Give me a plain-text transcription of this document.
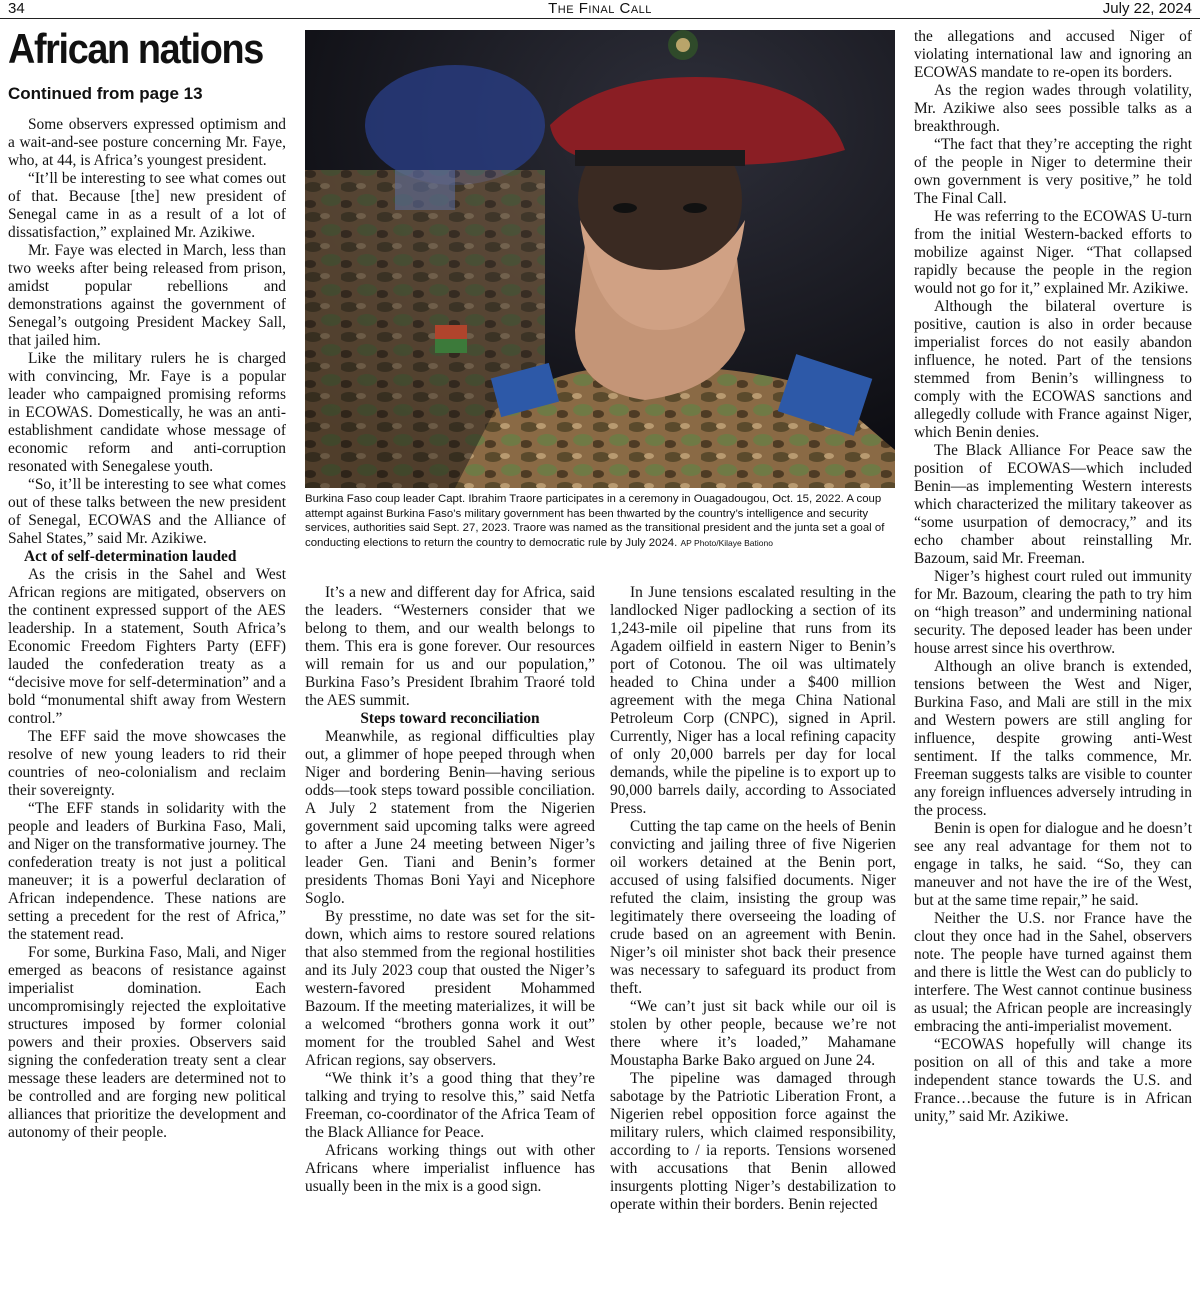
34	The Final Call	July 22, 2024
African nations
Continued from page 13

Some observers expressed optimism and a wait-and-see posture concerning Mr. Faye, who, at 44, is Africa’s youngest president.

“It’ll be interesting to see what comes out of that. Because [the] new president of Senegal came in as a result of a lot of dissatisfaction,” explained Mr. Azikiwe.

Mr. Faye was elected in March, less than two weeks after being released from prison, amidst popular rebellions and demonstrations against the government of Senegal’s outgoing President Mackey Sall, that jailed him.

Like the military rulers he is charged with convincing, Mr. Faye is a popular leader who campaigned promising reforms in ECOWAS. Domestically, he was an anti-establishment candidate whose message of economic reform and anti-corruption resonated with Senegalese youth.

“So, it’ll be interesting to see what comes out of these talks between the new president of Senegal, ECOWAS and the Alliance of Sahel States,” said Mr. Azikiwe.

Act of self-determination lauded

As the crisis in the Sahel and West African regions are mitigated, observers on the continent expressed support of the AES leadership. In a statement, South Africa’s Economic Freedom Fighters Party (EFF) lauded the confederation treaty as a “decisive move for self-determination” and a bold “monumental shift away from Western control.”

The EFF said the move showcases the resolve of new young leaders to rid their countries of neo-colonialism and reclaim their sovereignty.

“The EFF stands in solidarity with the people and leaders of Burkina Faso, Mali, and Niger on the transformative journey. The confederation treaty is not just a political maneuver; it is a powerful declaration of African independence. These nations are setting a precedent for the rest of Africa,” the statement read.

For some, Burkina Faso, Mali, and Niger emerged as beacons of resistance against imperialist domination. Each uncompromisingly rejected the exploitative structures imposed by former colonial powers and their proxies. Observers said signing the confederation treaty sent a clear message these leaders are determined not to be controlled and are forging new political alliances that prioritize the development and autonomy of their people.

Burkina Faso coup leader Capt. Ibrahim Traore participates in a ceremony in Ouagadougou, Oct. 15, 2022. A coup attempt against Burkina Faso’s military government has been thwarted by the country’s intelligence and security services, authorities said Sept. 27, 2023. Traore was named as the transitional president and the junta set a goal of conducting elections to return the country to democratic rule by July 2024. AP Photo/Kilaye Bationo

It’s a new and different day for Africa, said the leaders. “Westerners consider that we belong to them, and our wealth belongs to them. This era is gone forever. Our resources will remain for us and our population,” Burkina Faso’s President Ibrahim Traoré told the AES summit.

Steps toward reconciliation

Meanwhile, as regional difficulties play out, a glimmer of hope peeped through when Niger and bordering Benin—having serious odds—took steps toward possible conciliation. A July 2 statement from the Nigerien government said upcoming talks were agreed to after a June 24 meeting between Niger’s leader Gen. Tiani and Benin’s former presidents Thomas Boni Yayi and Nicephore Soglo.

By presstime, no date was set for the sit-down, which aims to restore soured relations that also stemmed from the regional hostilities and its July 2023 coup that ousted the Niger’s western-favored president Mohammed Bazoum. If the meeting materializes, it will be a welcomed “brothers gonna work it out” moment for the troubled Sahel and West African regions, say observers.

“We think it’s a good thing that they’re talking and trying to resolve this,” said Netfa Freeman, co-coordinator of the Africa Team of the Black Alliance for Peace.

Africans working things out with other Africans where imperialist influence has usually been in the mix is a good sign.

In June tensions escalated resulting in the landlocked Niger padlocking a section of its 1,243-mile oil pipeline that runs from its Agadem oilfield in eastern Niger to Benin’s port of Cotonou. The oil was ultimately headed to China under a $400 million agreement with the mega China National Petroleum Corp (CNPC), signed in April. Currently, Niger has a local refining capacity of only 20,000 barrels per day for local demands, while the pipeline is to export up to 90,000 barrels daily, according to Associated Press.

Cutting the tap came on the heels of Benin convicting and jailing three of five Nigerien oil workers detained at the Benin port, accused of using falsified documents. Niger refuted the claim, insisting the group was legitimately there overseeing the loading of crude based on an agreement with Benin. Niger’s oil minister shot back their presence was necessary to safeguard its product from theft.

“We can’t just sit back while our oil is stolen by other people, because we’re not there where it’s loaded,” Mahamane Moustapha Barke Bako argued on June 24.

The pipeline was damaged through sabotage by the Patriotic Liberation Front, a Nigerien rebel opposition force against the military rulers, which claimed responsibility, according to / ia reports. Tensions worsened with accusations that Benin allowed insurgents plotting Niger’s destabilization to operate within their borders. Benin rejected

the allegations and accused Niger of violating international law and ignoring an ECOWAS mandate to re-open its borders.

As the region wades through volatility, Mr. Azikiwe also sees possible talks as a breakthrough.

“The fact that they’re accepting the right of the people in Niger to determine their own government is very positive,” he told The Final Call.

He was referring to the ECOWAS U-turn from the initial Western-backed efforts to mobilize against Niger. “That collapsed rapidly because the people in the region would not go for it,” explained Mr. Azikiwe.

Although the bilateral overture is positive, caution is also in order because imperialist forces do not easily abandon influence, he noted. Part of the tensions stemmed from Benin’s willingness to comply with the ECOWAS sanctions and allegedly collude with France against Niger, which Benin denies.

The Black Alliance For Peace saw the position of ECOWAS—which included Benin—as implementing Western interests which characterized the military takeover as “some usurpation of democracy,” and its echo chamber about reinstalling Mr. Bazoum, said Mr. Freeman.

Niger’s highest court ruled out immunity for Mr. Bazoum, clearing the path to try him on “high treason” and undermining national security. The deposed leader has been under house arrest since his overthrow.

Although an olive branch is extended, tensions between the West and Niger, Burkina Faso, and Mali are still in the mix and Western powers are still angling for influence, despite growing anti-West sentiment. If the talks commence, Mr. Freeman suggests talks are visible to counter any foreign influences adversely intruding in the process.

Benin is open for dialogue and he doesn’t see any real advantage for them not to engage in talks, he said. “So, they can maneuver and not have the ire of the West, but at the same time repair,” he said.

Neither the U.S. nor France have the clout they once had in the Sahel, observers note. The people have turned against them and there is little the West can do publicly to interfere. The West cannot continue business as usual; the African people are increasingly embracing the anti-imperialist movement.

“ECOWAS hopefully will change its position on all of this and take a more independent stance towards the U.S. and France…because the future is in African unity,” said Mr. Azikiwe.
